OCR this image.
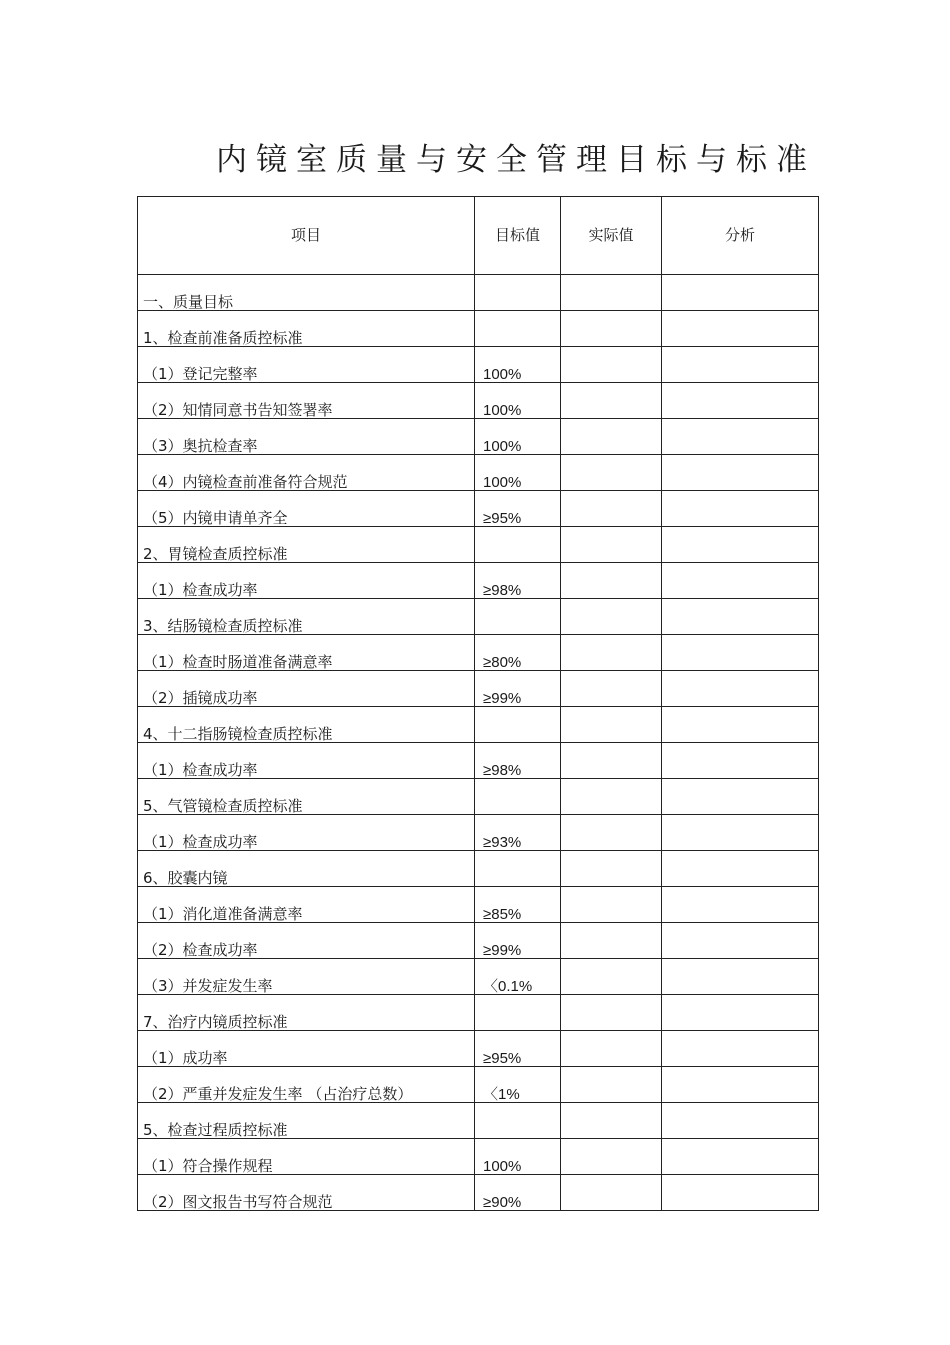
内镜室质量与安全管理目标与标准
项目	目标值	实际值	分析
一、质量目标			
1、检查前准备质控标准			
（1）登记完整率	100%		
（2）知情同意书告知签署率	100%		
（3）奥抗检查率	100%		
（4）内镜检查前准备符合规范	100%		
（5）内镜申请单齐全	≥95%		
2、胃镜检查质控标准			
（1）检查成功率	≥98%		
3、结肠镜检查质控标准			
（1）检查时肠道准备满意率	≥80%		
（2）插镜成功率	≥99%		
4、十二指肠镜检查质控标准			
（1）检查成功率	≥98%		
5、气管镜检查质控标准			
（1）检查成功率	≥93%		
6、胶囊内镜			
（1）消化道准备满意率	≥85%		
（2）检查成功率	≥99%		
（3）并发症发生率	〈0.1%		
7、治疗内镜质控标准			
（1）成功率	≥95%		
（2）严重并发症发生率 （占治疗总数）	〈1%		
5、检查过程质控标准			
（1）符合操作规程	100%		
（2）图文报告书写符合规范	≥90%		
